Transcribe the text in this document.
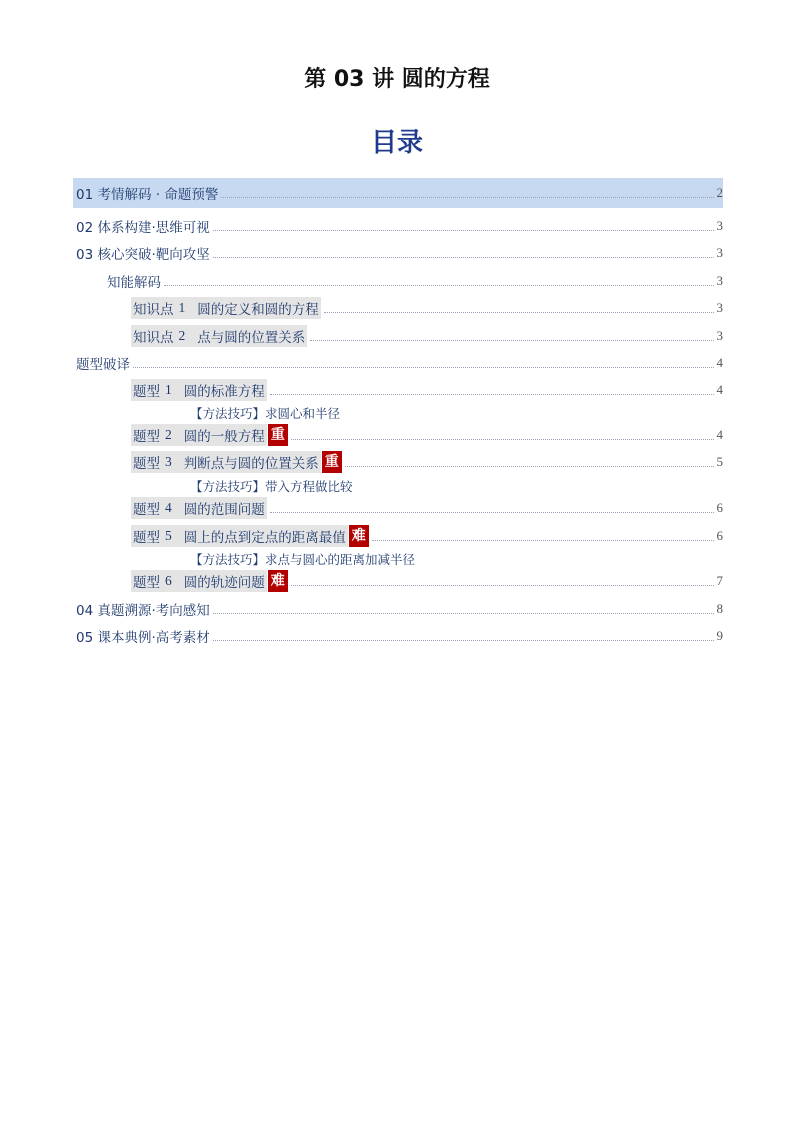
第 03 讲 圆的方程
目录
01 考情解码 · 命题预警	2
02 体系构建·思维可视	3
03 核心突破·靶向攻坚	3
知能解码	3
知识点 1 圆的定义和圆的方程	3
知识点 2 点与圆的位置关系	3
题型破译	4
题型 1 圆的标准方程	4
【方法技巧】求圆心和半径
题型 2 圆的一般方程 重	4
题型 3 判断点与圆的位置关系 重	5
【方法技巧】带入方程做比较
题型 4 圆的范围问题	6
题型 5 圆上的点到定点的距离最值 难	6
【方法技巧】求点与圆心的距离加减半径
题型 6 圆的轨迹问题 难	7
04 真题溯源·考向感知	8
05 课本典例·高考素材	9
